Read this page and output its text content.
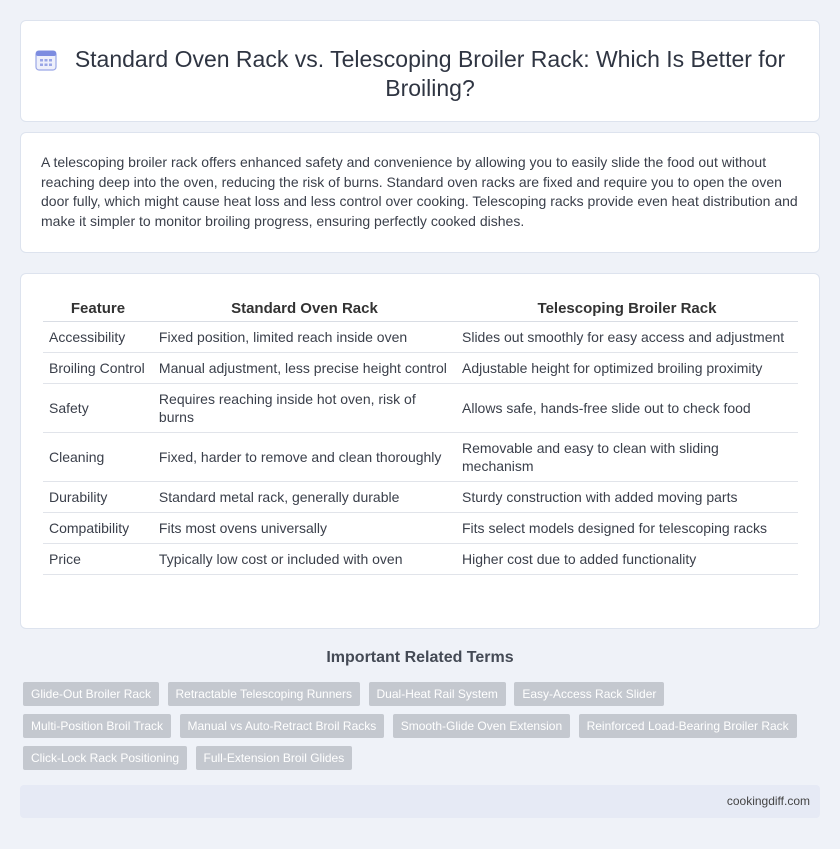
Standard Oven Rack vs. Telescoping Broiler Rack: Which Is Better for Broiling?

A telescoping broiler rack offers enhanced safety and convenience by allowing you to easily slide the food out without reaching deep into the oven, reducing the risk of burns. Standard oven racks are fixed and require you to open the oven door fully, which might cause heat loss and less control over cooking. Telescoping racks provide even heat distribution and make it simpler to monitor broiling progress, ensuring perfectly cooked dishes.

Feature	Standard Oven Rack	Telescoping Broiler Rack
Accessibility	Fixed position, limited reach inside oven	Slides out smoothly for easy access and adjustment
Broiling Control	Manual adjustment, less precise height control	Adjustable height for optimized broiling proximity
Safety	Requires reaching inside hot oven, risk of burns	Allows safe, hands-free slide out to check food
Cleaning	Fixed, harder to remove and clean thoroughly	Removable and easy to clean with sliding mechanism
Durability	Standard metal rack, generally durable	Sturdy construction with added moving parts
Compatibility	Fits most ovens universally	Fits select models designed for telescoping racks
Price	Typically low cost or included with oven	Higher cost due to added functionality
Important Related Terms
Glide-Out Broiler Rack Retractable Telescoping Runners Dual-Heat Rail System Easy-Access Rack Slider Multi-Position Broil Track Manual vs Auto-Retract Broil Racks Smooth-Glide Oven Extension Reinforced Load-Bearing Broiler Rack Click-Lock Rack Positioning Full-Extension Broil Glides
cookingdiff.com
